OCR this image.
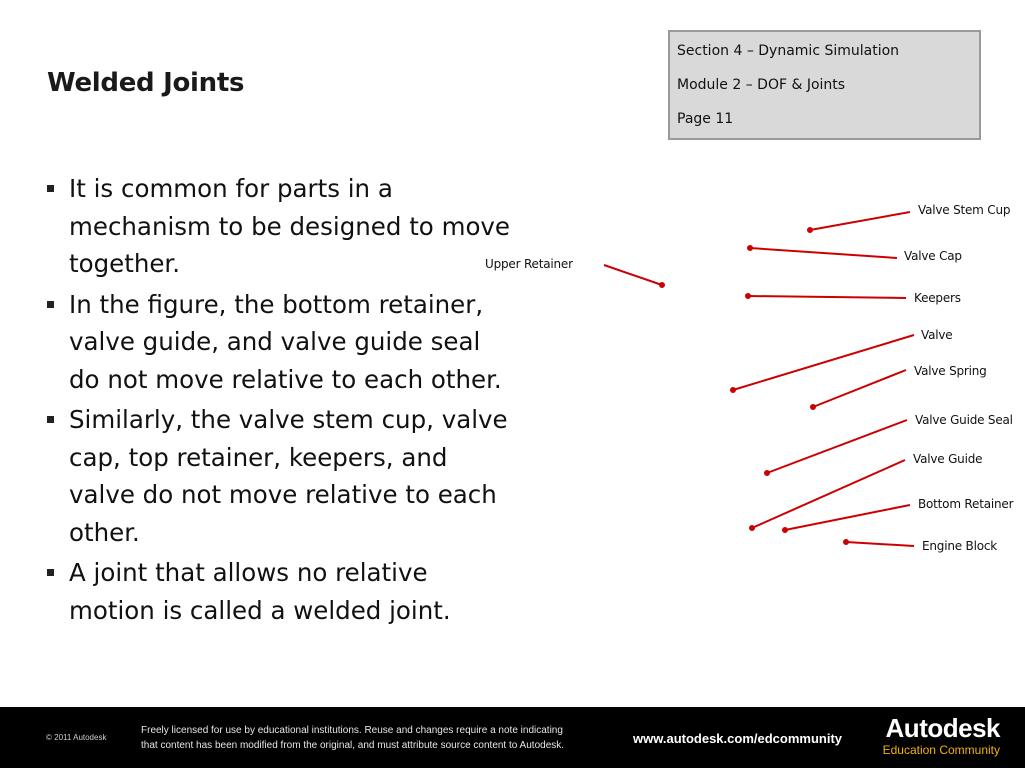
Welded Joints
Section 4 – Dynamic Simulation
Module 2 – DOF & Joints
Page 11
It is common for parts in a mechanism to be designed to move together.
In the figure, the bottom retainer, valve guide, and valve guide seal do not move relative to each other.
Similarly, the valve stem cup, valve cap, top retainer, keepers, and valve do not move relative to each other.
A joint that allows no relative motion is called a welded joint.
Upper Retainer
Valve Stem Cup
Valve Cap
Keepers
Valve
Valve Spring
Valve Guide Seal
Valve Guide
Bottom Retainer
Engine Block
© 2011 Autodesk
Freely licensed for use by educational institutions. Reuse and changes require a note indicating
that content has been modified from the original, and must attribute source content to Autodesk.	www.autodesk.com/edcommunity	Autodesk
Education Community
